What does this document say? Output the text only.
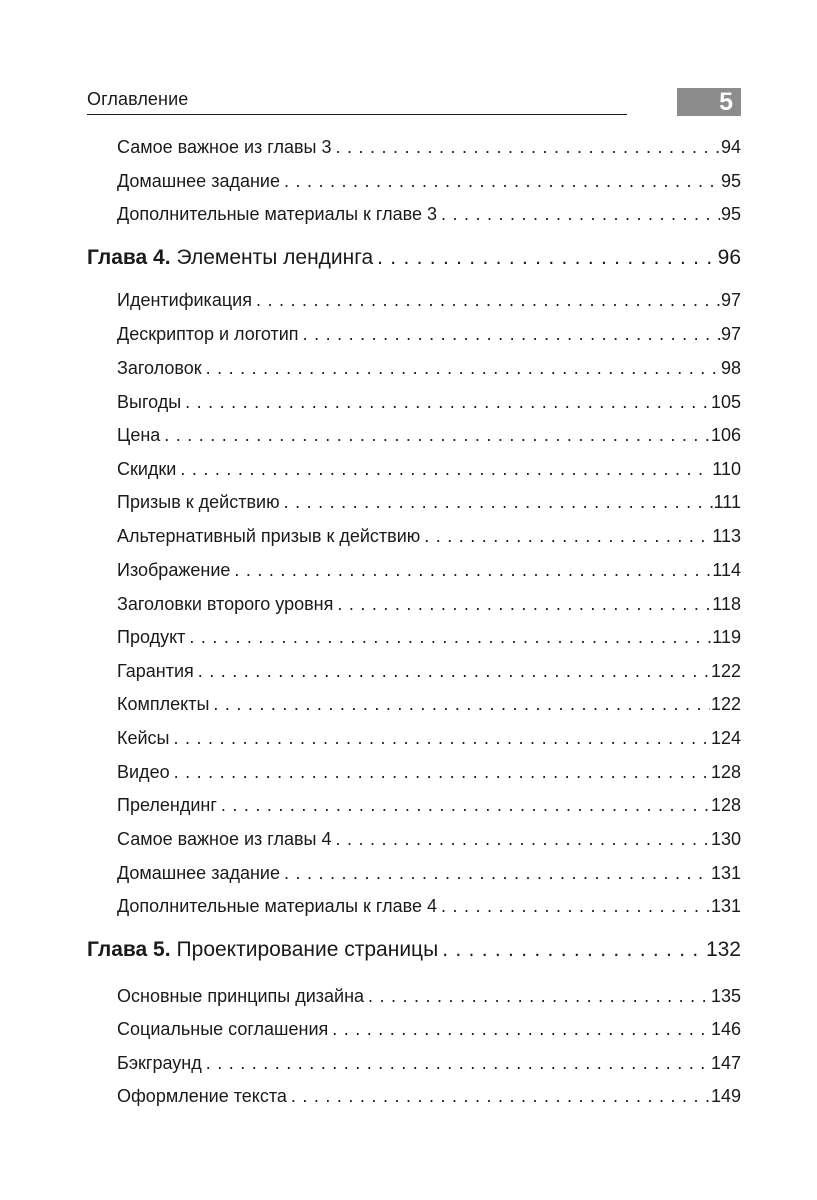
Оглавление	5
Самое важное из главы 3 . . .	94
Домашнее задание . . .	95
Дополнительные материалы к главе 3 . . .	95
Глава 4. Элементы лендинга . . .	96
Идентификация . . .	97
Дескриптор и логотип . . .	97
Заголовок . . .	98
Выгоды . . .	105
Цена . . .	106
Скидки . . .	110
Призыв к действию . . .	111
Альтернативный призыв к действию . . .	113
Изображение . . .	114
Заголовки второго уровня . . .	118
Продукт . . .	119
Гарантия . . .	122
Комплекты . . .	122
Кейсы . . .	124
Видео . . .	128
Прелендинг . . .	128
Самое важное из главы 4 . . .	130
Домашнее задание . . .	131
Дополнительные материалы к главе 4 . . .	131
Глава 5. Проектирование страницы . . .	132
Основные принципы дизайна . . .	135
Социальные соглашения . . .	146
Бэкграунд . . .	147
Оформление текста . . .	149
